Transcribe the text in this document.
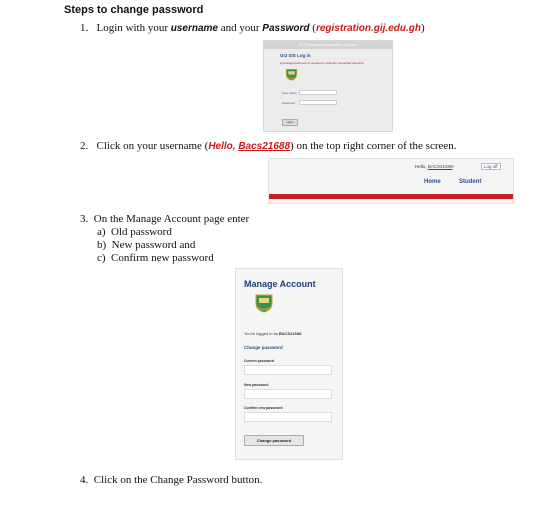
Steps to change password
1. Login with your username and your Password (registration.gij.edu.gh)
GIJ Students Information System
GIJ SIS Log in
A privileged account is required to view the requested resource.
User name
Password
Log in
2. Click on your username (Hello, Bacs21688) on the top right corner of the screen.
Hello, BACS21688!	Log off
Home	Student
3. On the Manage Account page enter
a)  Old password
b)  New password and
c)  Confirm new password
Manage Account
You're logged in as BACS21688
Change password
Current password
New password
Confirm new password
Change password
4. Click on the Change Password button.
